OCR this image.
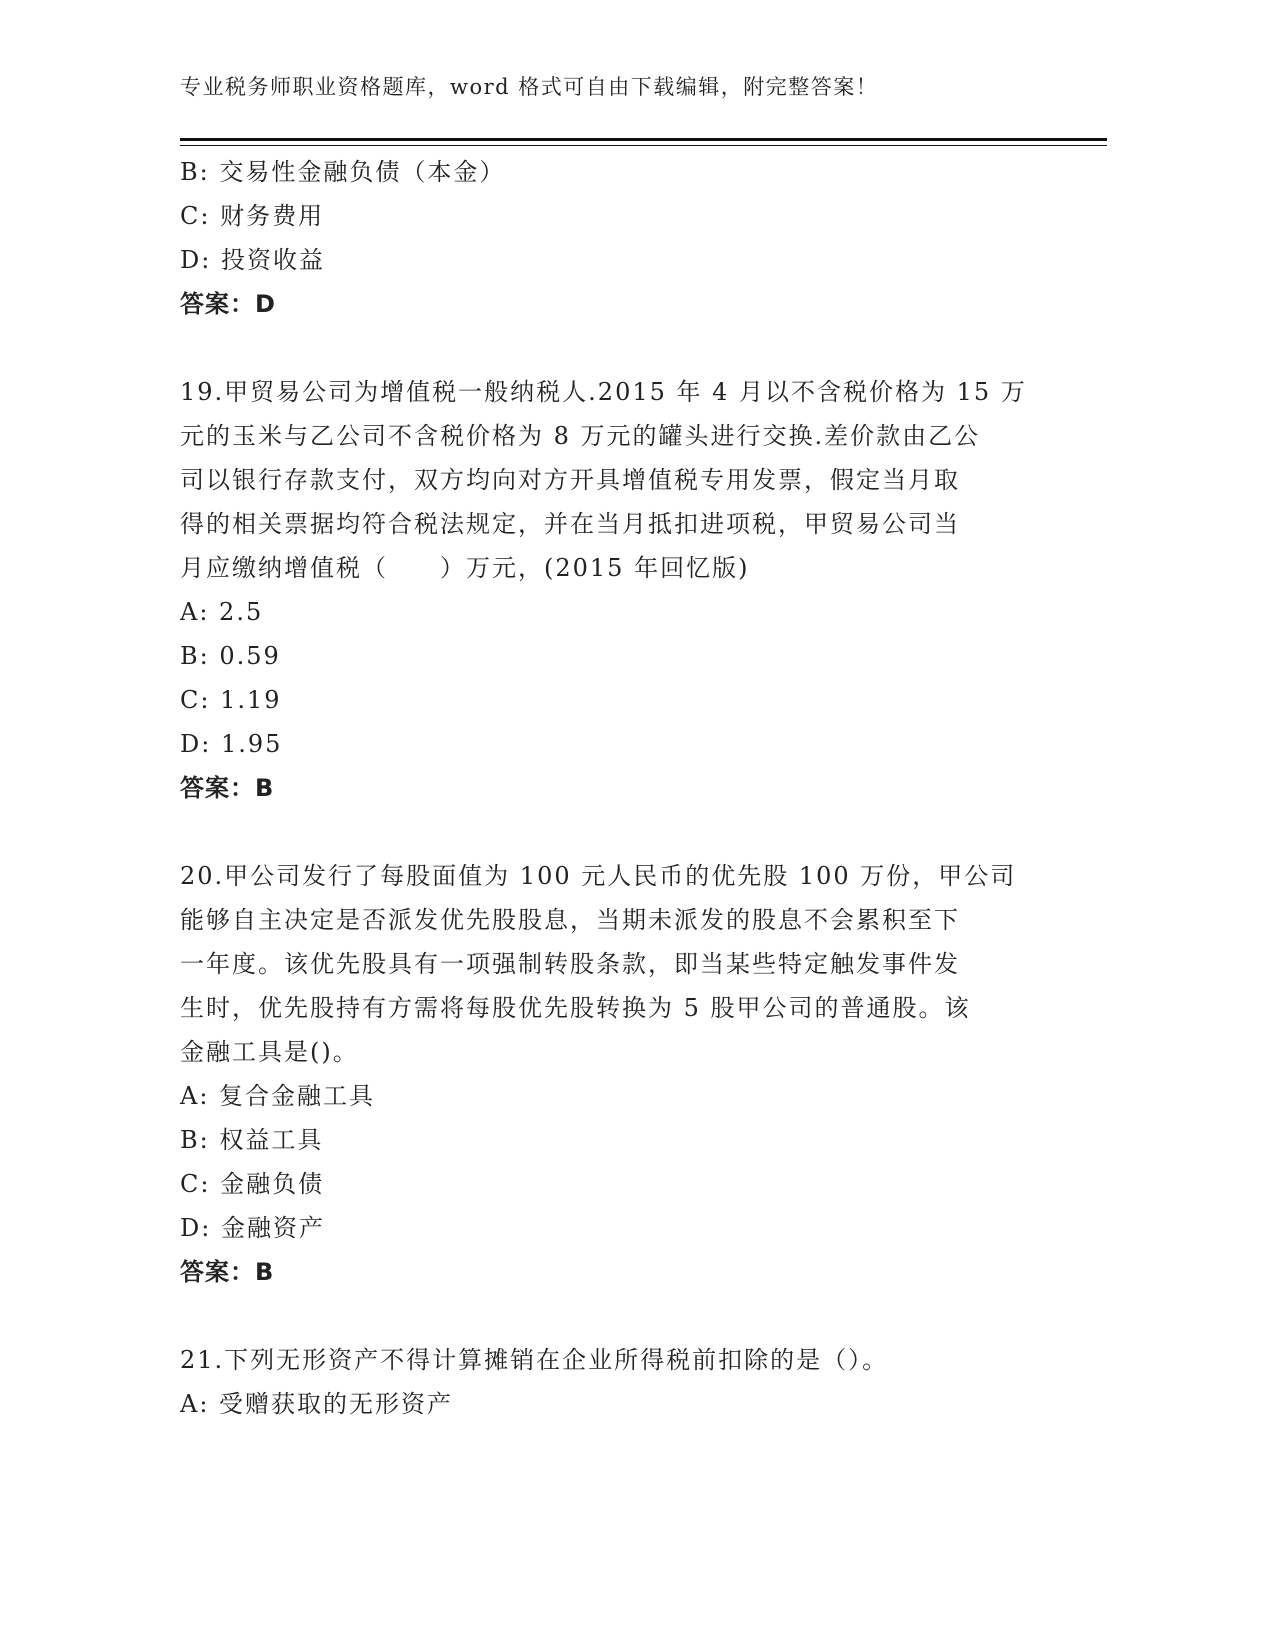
专业税务师职业资格题库，word 格式可自由下载编辑，附完整答案！

B: 交易性金融负债（本金）

C: 财务费用

D: 投资收益

答案：D

19.甲贸易公司为增值税一般纳税人.2015 年 4 月以不含税价格为 15 万

元的玉米与乙公司不含税价格为 8 万元的罐头进行交换.差价款由乙公

司以银行存款支付，双方均向对方开具增值税专用发票，假定当月取

得的相关票据均符合税法规定，并在当月抵扣进项税，甲贸易公司当

月应缴纳增值税（　　）万元，(2015 年回忆版)

A: 2.5

B: 0.59

C: 1.19

D: 1.95

答案：B

20.甲公司发行了每股面值为 100 元人民币的优先股 100 万份，甲公司

能够自主决定是否派发优先股股息，当期未派发的股息不会累积至下

一年度。该优先股具有一项强制转股条款，即当某些特定触发事件发

生时，优先股持有方需将每股优先股转换为 5 股甲公司的普通股。该

金融工具是()。

A: 复合金融工具

B: 权益工具

C: 金融负债

D: 金融资产

答案：B

21.下列无形资产不得计算摊销在企业所得税前扣除的是（）。

A: 受赠获取的无形资产
